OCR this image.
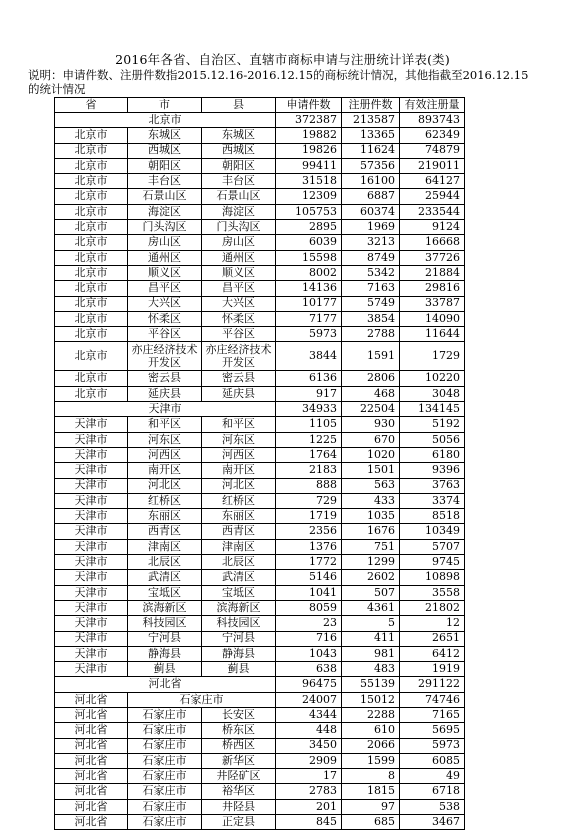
2016年各省、自治区、直辖市商标申请与注册统计详表(类)
说明：申请件数、注册件数指2015.12.16-2016.12.15的商标统计情况，其他指截至2016.12.15的统计情况
省	市	县	申请件数	注册件数	有效注册量
北京市			372387	213587	893743
北京市	东城区	东城区	19882	13365	62349
北京市	西城区	西城区	19826	11624	74879
北京市	朝阳区	朝阳区	99411	57356	219011
北京市	丰台区	丰台区	31518	16100	64127
北京市	石景山区	石景山区	12309	6887	25944
北京市	海淀区	海淀区	105753	60374	233544
北京市	门头沟区	门头沟区	2895	1969	9124
北京市	房山区	房山区	6039	3213	16668
北京市	通州区	通州区	15598	8749	37726
北京市	顺义区	顺义区	8002	5342	21884
北京市	昌平区	昌平区	14136	7163	29816
北京市	大兴区	大兴区	10177	5749	33787
北京市	怀柔区	怀柔区	7177	3854	14090
北京市	平谷区	平谷区	5973	2788	11644
北京市	亦庄经济技术开发区	亦庄经济技术开发区	3844	1591	1729
北京市	密云县	密云县	6136	2806	10220
北京市	延庆县	延庆县	917	468	3048
天津市			34933	22504	134145
天津市	和平区	和平区	1105	930	5192
天津市	河东区	河东区	1225	670	5056
天津市	河西区	河西区	1764	1020	6180
天津市	南开区	南开区	2183	1501	9396
天津市	河北区	河北区	888	563	3763
天津市	红桥区	红桥区	729	433	3374
天津市	东丽区	东丽区	1719	1035	8518
天津市	西青区	西青区	2356	1676	10349
天津市	津南区	津南区	1376	751	5707
天津市	北辰区	北辰区	1772	1299	9745
天津市	武清区	武清区	5146	2602	10898
天津市	宝坻区	宝坻区	1041	507	3558
天津市	滨海新区	滨海新区	8059	4361	21802
天津市	科技园区	科技园区	23	5	12
天津市	宁河县	宁河县	716	411	2651
天津市	静海县	静海县	1043	981	6412
天津市	蓟县	蓟县	638	483	1919
河北省			96475	55139	291122
河北省	石家庄市		24007	15012	74746
河北省	石家庄市	长安区	4344	2288	7165
河北省	石家庄市	桥东区	448	610	5695
河北省	石家庄市	桥西区	3450	2066	5973
河北省	石家庄市	新华区	2909	1599	6085
河北省	石家庄市	井陉矿区	17	8	49
河北省	石家庄市	裕华区	2783	1815	6718
河北省	石家庄市	井陉县	201	97	538
河北省	石家庄市	正定县	845	685	3467
